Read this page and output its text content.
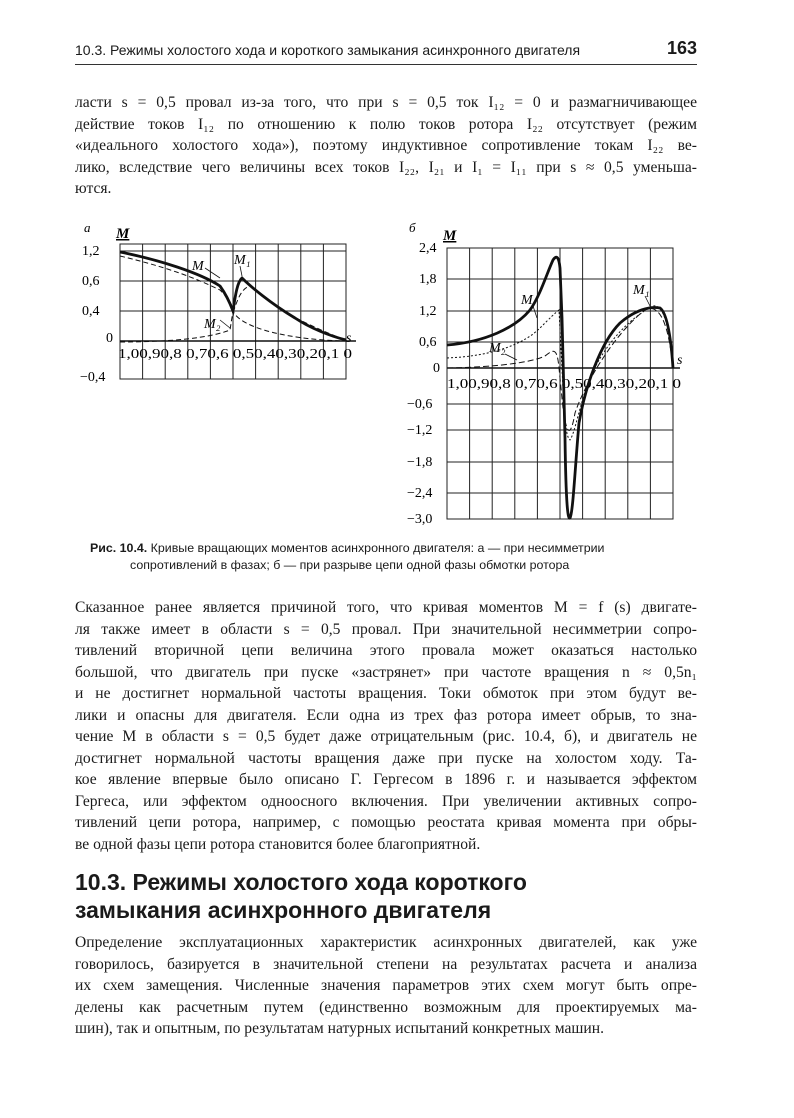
10.3. Режимы холостого хода и короткого замыкания асинхронного двигателя	163
ласти s = 0,5 провал из-за того, что при s = 0,5 ток I₁₂ = 0 и размагничивающее
действие токов I₁₂ по отношению к полю токов ротора I₂₂ отсутствует (режим
«идеального холостого хода»), поэтому индуктивное сопротивление токам I₂₂ ве-
лико, вследствие чего величины всех токов I₂₂, I₂₁ и I₁ = I₁₁ при s ≈ 0,5 уменьша-
ются.
а M
1,2
0,6
0,4
0
−0,4
1,00,90,8 0,70,6 0,50,40,30,20,1 0
s
M M₁
M₂
б
M
2,4
1,8
1,2
0,6
0
−0,6
−1,2
−1,8
−2,4
−3,0
1,00,90,8 0,70,6 0,50,40,30,20,1 0
s
M
M₁
M₂
Рис. 10.4. Кривые вращающих моментов асинхронного двигателя: а — при несимметрии
сопротивлений в фазах; б — при разрыве цепи одной фазы обмотки ротора
Сказанное ранее является причиной того, что кривая моментов M = f (s) двигате-
ля также имеет в области s = 0,5 провал. При значительной несимметрии сопро-
тивлений вторичной цепи величина этого провала может оказаться настолько
большой, что двигатель при пуске «застрянет» при частоте вращения n ≈ 0,5n₁
и не достигнет нормальной частоты вращения. Токи обмоток при этом будут ве-
лики и опасны для двигателя. Если одна из трех фаз ротора имеет обрыв, то зна-
чение M в области s = 0,5 будет даже отрицательным (рис. 10.4, б), и двигатель не
достигнет нормальной частоты вращения даже при пуске на холостом ходу. Та-
кое явление впервые было описано Г. Гергесом в 1896 г. и называется эффектом
Гергеса, или эффектом одноосного включения. При увеличении активных сопро-
тивлений цепи ротора, например, с помощью реостата кривая момента при обры-
ве одной фазы цепи ротора становится более благоприятной.
10.3. Режимы холостого хода короткого
замыкания асинхронного двигателя
Определение эксплуатационных характеристик асинхронных двигателей, как уже
говорилось, базируется в значительной степени на результатах расчета и анализа
их схем замещения. Численные значения параметров этих схем могут быть опре-
делены как расчетным путем (единственно возможным для проектируемых ма-
шин), так и опытным, по результатам натурных испытаний конкретных машин.
